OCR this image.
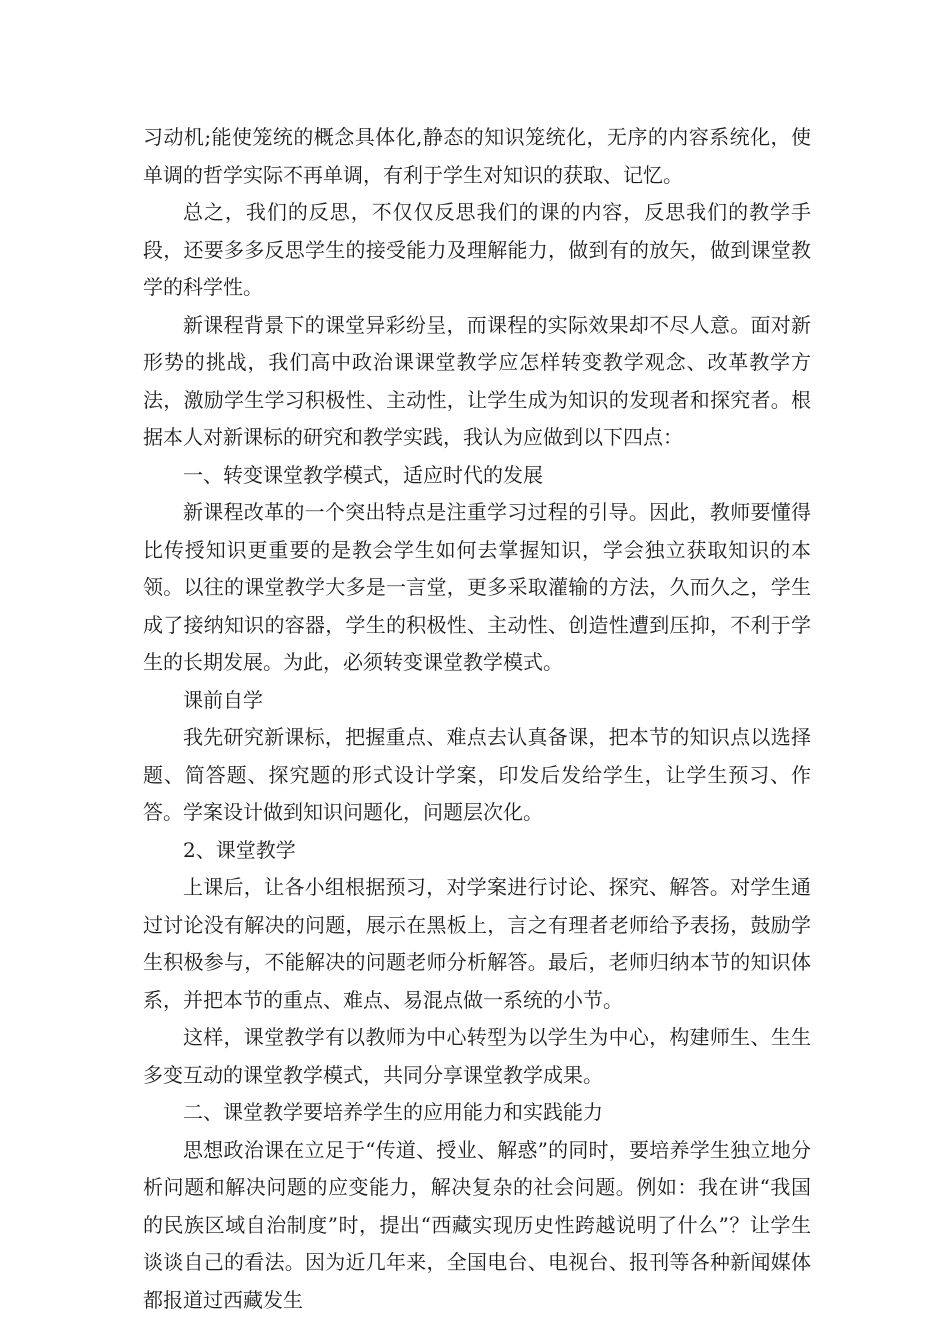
习动机;能使笼统的概念具体化,静态的知识笼统化，无序的内容系统化，使单调的哲学实际不再单调，有利于学生对知识的获取、记忆。

总之，我们的反思，不仅仅反思我们的课的内容，反思我们的教学手段，还要多多反思学生的接受能力及理解能力，做到有的放矢，做到课堂教学的科学性。

新课程背景下的课堂异彩纷呈，而课程的实际效果却不尽人意。面对新形势的挑战，我们高中政治课课堂教学应怎样转变教学观念、改革教学方法，激励学生学习积极性、主动性，让学生成为知识的发现者和探究者。根据本人对新课标的研究和教学实践，我认为应做到以下四点：

一、转变课堂教学模式，适应时代的发展

新课程改革的一个突出特点是注重学习过程的引导。因此，教师要懂得比传授知识更重要的是教会学生如何去掌握知识，学会独立获取知识的本领。以往的课堂教学大多是一言堂，更多采取灌输的方法，久而久之，学生成了接纳知识的容器，学生的积极性、主动性、创造性遭到压抑，不利于学生的长期发展。为此，必须转变课堂教学模式。

课前自学

我先研究新课标，把握重点、难点去认真备课，把本节的知识点以选择题、简答题、探究题的形式设计学案，印发后发给学生，让学生预习、作答。学案设计做到知识问题化，问题层次化。

2、课堂教学

上课后，让各小组根据预习，对学案进行讨论、探究、解答。对学生通过讨论没有解决的问题，展示在黑板上，言之有理者老师给予表扬，鼓励学生积极参与，不能解决的问题老师分析解答。最后，老师归纳本节的知识体系，并把本节的重点、难点、易混点做一系统的小节。

这样，课堂教学有以教师为中心转型为以学生为中心，构建师生、生生多变互动的课堂教学模式，共同分享课堂教学成果。

二、课堂教学要培养学生的应用能力和实践能力

思想政治课在立足于“传道、授业、解惑”的同时，要培养学生独立地分析问题和解决问题的应变能力，解决复杂的社会问题。例如：我在讲“我国的民族区域自治制度”时，提出“西藏实现历史性跨越说明了什么”？让学生谈谈自己的看法。因为近几年来，全国电台、电视台、报刊等各种新闻媒体都报道过西藏发生
